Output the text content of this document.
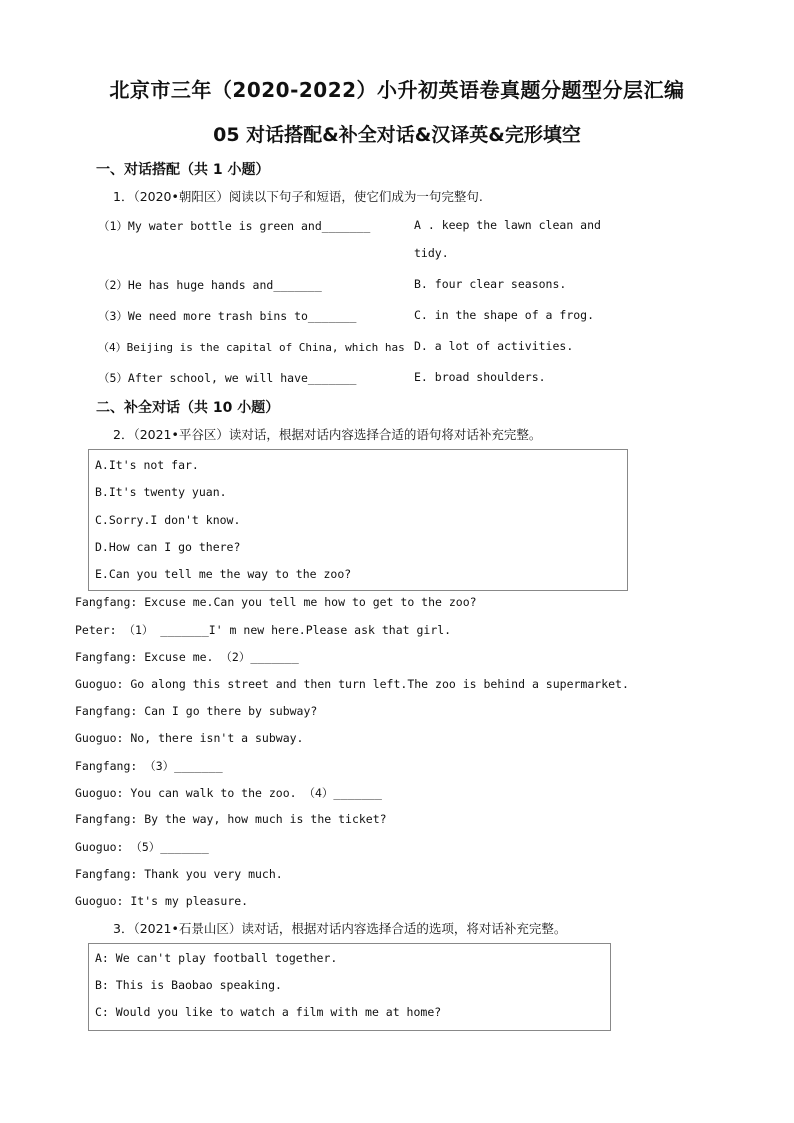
北京市三年（2020-2022）小升初英语卷真题分题型分层汇编
05 对话搭配&补全对话&汉译英&完形填空
一、对话搭配（共 1 小题）
1．（2020•朝阳区）阅读以下句子和短语，使它们成为一句完整句.
（1）My water bottle is green and_______
（2）He has huge hands and_______
（3）We need more trash bins to_______
（4）Beijing is the capital of China, which has
（5）After school, we will have_______
A . keep the lawn clean and
tidy.
B. four clear seasons.
C. in the shape of a frog.
D. a lot of activities.
E. broad shoulders.
二、补全对话（共 10 小题）
2．（2021•平谷区）读对话，根据对话内容选择合适的语句将对话补充完整。
A.It's not far.
B.It's twenty yuan.
C.Sorry.I don't know.
D.How can I go there?
E.Can you tell me the way to the zoo?
Fangfang: Excuse me.Can you tell me how to get to the zoo?
Peter: （1） _______I' m new here.Please ask that girl.
Fangfang: Excuse me. （2）_______
Guoguo: Go along this street and then turn left.The zoo is behind a supermarket.
Fangfang: Can I go there by subway?
Guoguo: No, there isn't a subway.
Fangfang: （3）_______
Guoguo: You can walk to the zoo. （4）_______
Fangfang: By the way, how much is the ticket?
Guoguo: （5）_______
Fangfang: Thank you very much.
Guoguo: It's my pleasure.
3．（2021•石景山区）读对话，根据对话内容选择合适的选项，将对话补充完整。
A: We can't play football together.
B: This is Baobao speaking.
C: Would you like to watch a film with me at home?
